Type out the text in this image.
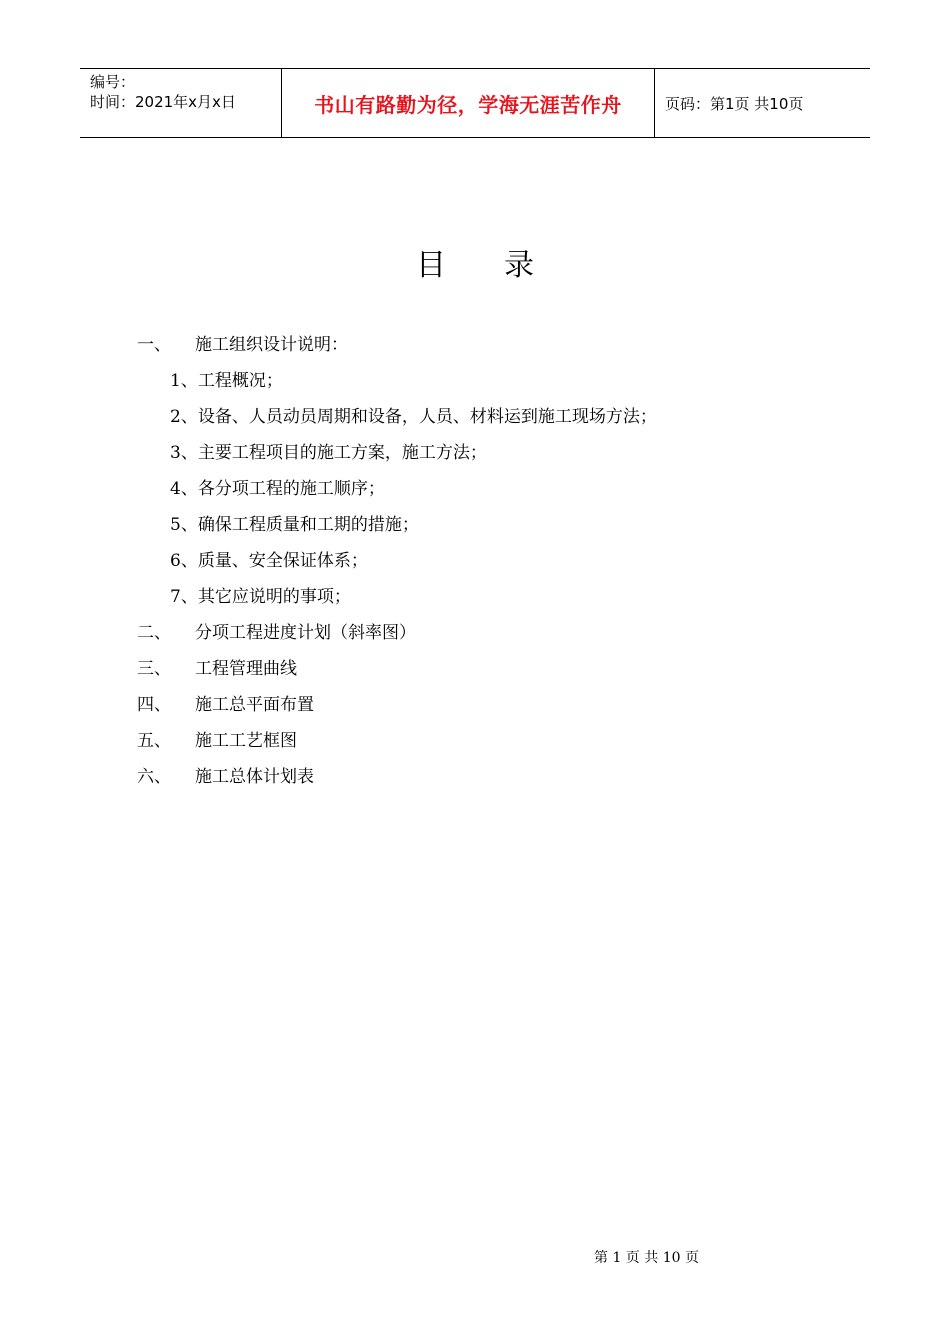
编号：
时间：2021年x月x日	书山有路勤为径，学海无涯苦作舟	页码：第1页 共10页
目 录
一、 施工组织设计说明：
1、工程概况；
2、设备、人员动员周期和设备，人员、材料运到施工现场方法；
3、主要工程项目的施工方案，施工方法；
4、各分项工程的施工顺序；
5、确保工程质量和工期的措施；
6、质量、安全保证体系；
7、其它应说明的事项；
二、 分项工程进度计划（斜率图）
三、 工程管理曲线
四、 施工总平面布置
五、 施工工艺框图
六、 施工总体计划表
第 1 页 共 10 页
